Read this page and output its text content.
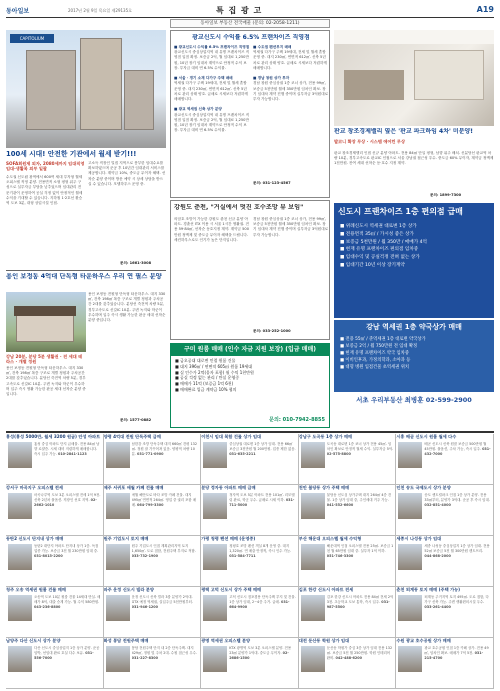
동아일보	2017년 2월 9일 목요일 제29135호	특 집 광 고	A19
동아일보 부동산 전국매물 (문의: 02-2058-1211)
CAPITOLIUM
100세 시대! 안전한 기관에서 월세 받기!!!
SOFA회원제 외자, 2080세까지 임대직영 임대·생활복 외부 일괄
수도권 신도림 광역에서 600여 세대 투자형 월세 오피스텔 직영 분양. 전용면적 소형 평형 위주 구성으로 실투자금 부담을 낮추었으며 임대관리 전문기관이 운영하여 공실 걱정 없이 안정적인 월세 수익을 기대할 수 있습니다. 지하철 1·2호선 환승역 도보 3분, 대형 상업시설 인접.
고소득 직장인 밀집 지역으로 풍부한 임대수요를 확보하였으며 준공 후 10년간 임대관리 서비스를 제공합니다. 계약금 10%, 중도금 무이자 혜택. 선착순 분양 중이며 방문 예약 시 상세 상담을 받으실 수 있습니다. 모델하우스 운영 중.
문의: 1661-3008
광교신도시 수익률 6.5% 프랜차이즈 직영점
■ 광교신도시 수익률 6.5% 프랜차이즈 직영점
광교신도시 중심상업지역 내 유명 프랜차이즈 직영점 입점 확정. 보증금 2억, 월 임대료 1,250만원, 10년 장기 임대차 계약으로 안정적 수익 보장. 투자금 대비 연 6.5% 수익률.
■ 서울 · 경기 소재 다가구 주택 매매
역세권 다가구 주택 19세대, 전세 및 월세 혼합 운영 중. 대지 230㎡, 연면적 612㎡. 신축 5년차로 관리 상태 양호. 급매로 시세보다 저렴하게 매매합니다.
■ 광교 역세권 신축 상가 분양
광교신도시 중심상업지역 내 유명 프랜차이즈 직영점 입점 확정. 보증금 2억, 월 임대료 1,250만원, 10년 장기 임대차 계약으로 안정적 수익 보장. 투자금 대비 연 6.5% 수익률.
■ 수도권 펜션부지 매매
역세권 다가구 주택 19세대, 전세 및 월세 혼합 운영 중. 대지 230㎡, 연면적 612㎡. 신축 5년차로 관리 상태 양호. 급매로 시세보다 저렴하게 매매합니다.
■ 경남 창원 상가 투자
경남 창원 중심상권 1층 코너 상가, 전용 99㎡, 보증금 5천만원 월세 350만원 임차인 확보. 장기 임대차 계약 진행 중이며 실투자금 3억원대로 투자 가능합니다.
문의: 031-123-4567
판교 창조경제밸리 옆은 '판교 파크하임 4차' 미분양!
발코니 확장 무상 · 시스템 에어컨 무상
판교 창조경제밸리 인접 신규 분양 아파트. 전용 84㎡ 단일 평형, 남향 위주 배치. 신분당선 판교역 차량 10분, 경부고속도로 판교IC 인접으로 서울 강남권 접근성 우수. 중도금 60% 무이자, 계약금 정액제 1천만원. 잔여 세대 선착순 동·호수 지정 계약.
문의: 1899-7300
신도시 프랜차이즈 1층 편의점 급매
■ 위례신도시 역세권 대로변 1층 상가
■ 전용면적 35㎡ / 가시성 좋은 상가
■ 보증금 5천만원 / 월 350만 / 매매가 4억
■ 현재 유명 프랜차이즈 편의점 임차중
■ 임대수익 및 공실걱정 전혀 없는 상가
■ 임대기간 10년 이상 장기계약
강남 역세권 1층 약국상가 매매
■ 전용 55㎡ / 준역세권 1층 대로변 약국상가
■ 보증금 2억 / 월 750만원 전 임대 확정
■ 현재 유명 프랜차이즈 약국 임차중
■ 이비인후과, 가정의학과, 소아과 등
■ 대형 병원 입점건물 초역세권 위치
서초 우리부동산 최병훈 02-599-2900
용인 보정동 4억대 단독형 타운하우스 우리 연 필스 분양
강남 20분, 분당 5분 생활권 · 전 세대 테라스 · 개별 정원
용인 보정동 전원형 단독형 타운하우스. 대지 330㎡, 건축 198㎡ 복층 구조로 개별 정원과 주차공간 2대를 갖추었습니다. 분당선 죽전역 차량 5분, 경부고속도로 신갈IC 10분. 주변 녹지와 학군이 우수하며 입주 즉시 생활 가능한 완공 세대 선착순 분양 중입니다.
용인 보정동 전원형 단독형 타운하우스. 대지 330㎡, 건축 198㎡ 복층 구조로 개별 정원과 주차공간 2대를 갖추었습니다. 분당선 죽전역 차량 5분, 경부고속도로 신갈IC 10분. 주변 녹지와 학군이 우수하며 입주 즉시 생활 가능한 완공 세대 선착순 분양 중입니다.
문의: 1577-0882
강원도 춘천, "거실에서 멋진 호수조망 뷰 보임"
의암호 조망이 가능한 강원도 춘천 신규 분양 아파트. 경춘선 ITX 이용 시 서울 1시간 생활권. 전용 59·84㎡, 선착순 동호지정 계약. 계약금 500만원 정액제 및 중도금 무이자 혜택을 드립니다. 세컨하우스로도 인기가 높은 단지입니다.
경남 창원 중심상권 1층 코너 상가, 전용 99㎡, 보증금 5천만원 월세 350만원 임차인 확보. 장기 임대차 계약 진행 중이며 실투자금 3억원대로 투자 가능합니다.
문의: 033-252-1000
구미 원룸 매매 (인수 자금 지원 보장) (입금 매매)
■ 금오공대 대로변 인접 원룸 건물
■ 대지 396㎡ / 연면적 605㎡ 원룸 19세대
■ 실 인수가 2억(융자 포함) 월 수익 1천만원
■ 공실 걱정 없는 관리 / 만실 운영중
■ 매매가 11억 (보증금 1억 6천)
■ 매매완료 입금 계약금 10% 협의
문의: 010-7942-8855
홍성(홍성 5000만, 월세 3200 원금) 안성 아파트
홍성 중심 아파트 단지 급매물. 전용 84㎡ 남향 로얄층. 시세 대비 저렴하게 매매합니다. 즉시 입주 가능. 010-2841-1123
양평 4억대 전원 단독주택 급매
남한강 조망 단독주택 대지 660㎡ 건평 132㎡. 정원 잘 가꾸어져 있음. 양평역 차량 10분. 031-771-0900
이천시 임대 복합 건물 상가 임대
중심상권 대로변 1층 상가 임대. 전용 66㎡ 보증금 3천만원 월 200만원. 업종 제한 없음. 031-635-2211
강남구 도곡동 1층 상가 매매
도곡동 대로변 1층 코너 상가 전용 45㎡. 임차인 확보로 안정적 월세 수익. 실투자금 5억. 02-575-8800
시흥 배곧 신도시 원룸 월세 다수
배곧 신도시 신축 원룸 보증금 500만원 월 45만원. 풀옵션, 주차 가능, 즉시 입주. 031-432-7000
강서구 마곡지구 오피스텔 전세
마곡나루역 도보 3분 오피스텔 전세 1억 9천. 신축 2년차 풀옵션. 직장인 선호 지역. 02-2662-1010
제주 서귀포 애월 카페 건물 매매
애월 해안도로 바다 조망 카페 건물. 대지 495㎡ 연면적 264㎡. 영업 중 권리 포함 매매. 064-799-3300
분당 정자동 아파트 매매 급매
정자역 도보 5분 아파트 전용 101㎡. 리모델링 완료, 학군 우수. 급매로 시세 이하. 031-711-5000
천안 불당동 상가 주택 매매
불당동 신도심 상가주택 대지 264㎡ 4층 건물. 1층 상가 임대 중, 주인세대 거주 가능. 041-552-6600
인천 송도 국제도시 상가 분양
송도 센트럴파크 인접 1층 상가 분양. 전용 33㎡부터, 분양가 3억대. 준공 후 즉시 임대. 032-851-4000
동탄2 신도시 단지내 상가 매매
동탄2 대단지 아파트 단지내 상가 1층. 독점 업종 가능. 보증금 3천 월 230만원 임대 중. 031-8015-2200
원주 기업도시 토지 매매
원주 기업도시 인접 계획관리지역 토지 1,650㎡. 도로 접함, 전원주택 부지로 적합. 033-732-1900
가평 청평 펜션 매매 (운영중)
청평호 조망 펜션 객실 8개 운영 중. 대지 1,320㎡. 연 매출 안정적, 즉시 인수 가능. 031-584-7711
부산 해운대 오피스텔 월세 수익형
해운대역 인접 오피스텔 전용 25㎡. 보증금 1천 월 65만원 임대 중. 실투자 1억 이하. 051-746-3300
세종시 나성동 상가 임대
세종 나성동 중심상업지 1층 상가 임대. 전용 52㎡ 보증금 5천 월 300만원 렌트프리. 044-868-2000
청주 오송 역세권 원룸 건물 매매
오송역 도보 10분 원룸 건물 14세대 만실. 매매가 8억, 대출 승계 가능. 월 수익 580만원. 043-236-8800
파주 운정 신도시 빌라 분양
운정 신도시 신축 빌라 3룸 분양가 2억대. GTX 예정 역세권, 실입주금 5천만원부터. 031-946-1200
평택 고덕 신도시 상가 주택 매매
고덕 신도시 점포겸용 단독주택 부지 및 건물. 1층 상가 임대, 2~4층 주거. 급매. 031-664-9900
김포 한강 신도시 아파트 전세
김포 한강 신도시 아파트 전용 84㎡ 전세 2억 3천. 초등학교 도보 통학, 즉시 입주. 031-987-5500
춘천 퇴계동 토지 매매 (주택 가능)
퇴계동 주거지역 토지 495㎡. 도로 접함, 다가구 신축 가능. 주변 생활편의시설 우수. 033-261-4400
남양주 다산 신도시 상가 분양
다산 신도시 중심상업지 1층 상가 분양. 준공 임박, 선임대 완료 호실 다수 보유. 031-556-7000
화성 봉담 전원주택 매매
봉담 전원주택 단지 내 2층 단독주택. 대지 429㎡, 정원 및 주차 2대. 수원 접근성 우수. 031-227-8300
광명 역세권 오피스텔 분양
KTX 광명역 도보 3분 오피스텔 분양. 전용 23㎡ 분양가 1억대. 중도금 무이자. 02-2686-1500
대전 둔산동 학원 상가 임대
둔산동 학원가 중심 3층 상가 임대 전용 132㎡. 보증금 5천 월 250만원. 학원 인테리어 완비. 042-488-6200
수원 광교 호수공원 상가 매매
광교 호수공원 인접 1층 카페 상가. 전용 49㎡, 임차인 확보. 매매가 7억 5천. 031-215-4700
